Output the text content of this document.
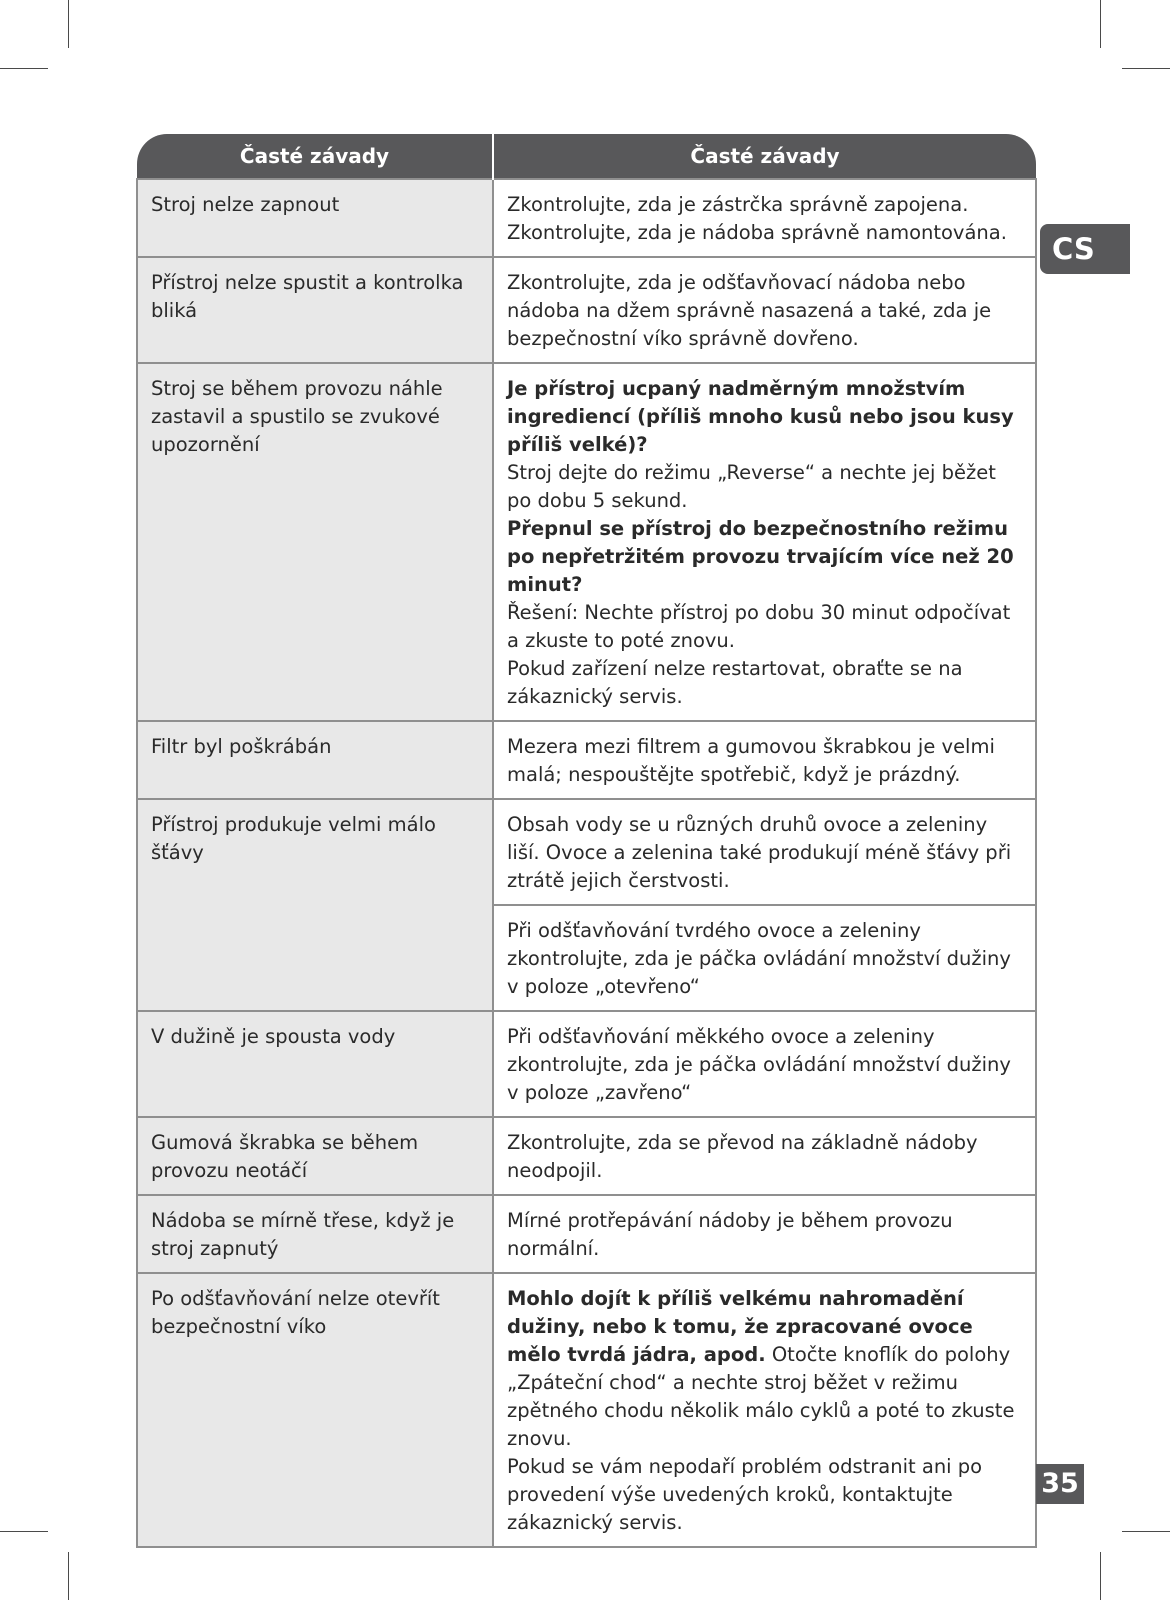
CS
Časté závady	Časté závady
Stroj nelze zapnout	Zkontrolujte, zda je zástrčka správně zapojena.
Zkontrolujte, zda je nádoba správně namontována.

Přístroj nelze spustit a kontrolka bliká	Zkontrolujte, zda je odšťavňovací nádoba nebo nádoba na džem správně nasazená a také, zda je bezpečnostní víko správně dovřeno.
Stroj se během provozu náhle zastavil a spustilo se zvukové upozornění	Je přístroj ucpaný nadměrným množstvím ingrediencí (příliš mnoho kusů nebo jsou kusy příliš velké)?
Stroj dejte do režimu „Reverse“ a nechte jej běžet po dobu 5 sekund.
Přepnul se přístroj do bezpečnostního režimu po nepřetržitém provozu trvajícím více než 20 minut?
Řešení: Nechte přístroj po dobu 30 minut odpočívat a zkuste to poté znovu.
Pokud zařízení nelze restartovat, obraťte se na zákaznický servis.

Filtr byl poškrábán	Mezera mezi filtrem a gumovou škrabkou je velmi malá; nespouštějte spotřebič, když je prázdný.
Přístroj produkuje velmi málo šťávy	Obsah vody se u různých druhů ovoce a zeleniny liší. Ovoce a zelenina také produkují méně šťávy při ztrátě jejich čerstvosti.
	Při odšťavňování tvrdého ovoce a zeleniny zkontrolujte, zda je páčka ovládání množství dužiny v poloze „otevřeno“
V dužině je spousta vody	Při odšťavňování měkkého ovoce a zeleniny zkontrolujte, zda je páčka ovládání množství dužiny v poloze „zavřeno“
Gumová škrabka se během provozu neotáčí	Zkontrolujte, zda se převod na základně nádoby neodpojil.
Nádoba se mírně třese, když je stroj zapnutý	Mírné protřepávání nádoby je během provozu normální.
Po odšťavňování nelze otevřít bezpečnostní víko	Mohlo dojít k příliš velkému nahromadění dužiny, nebo k tomu, že zpracované ovoce mělo tvrdá jádra, apod. Otočte knoflík do polohy „Zpáteční chod“ a nechte stroj běžet v režimu zpětného chodu několik málo cyklů a poté to zkuste znovu.
Pokud se vám nepodaří problém odstranit ani po provedení výše uvedených kroků, kontaktujte zákaznický servis.
35
